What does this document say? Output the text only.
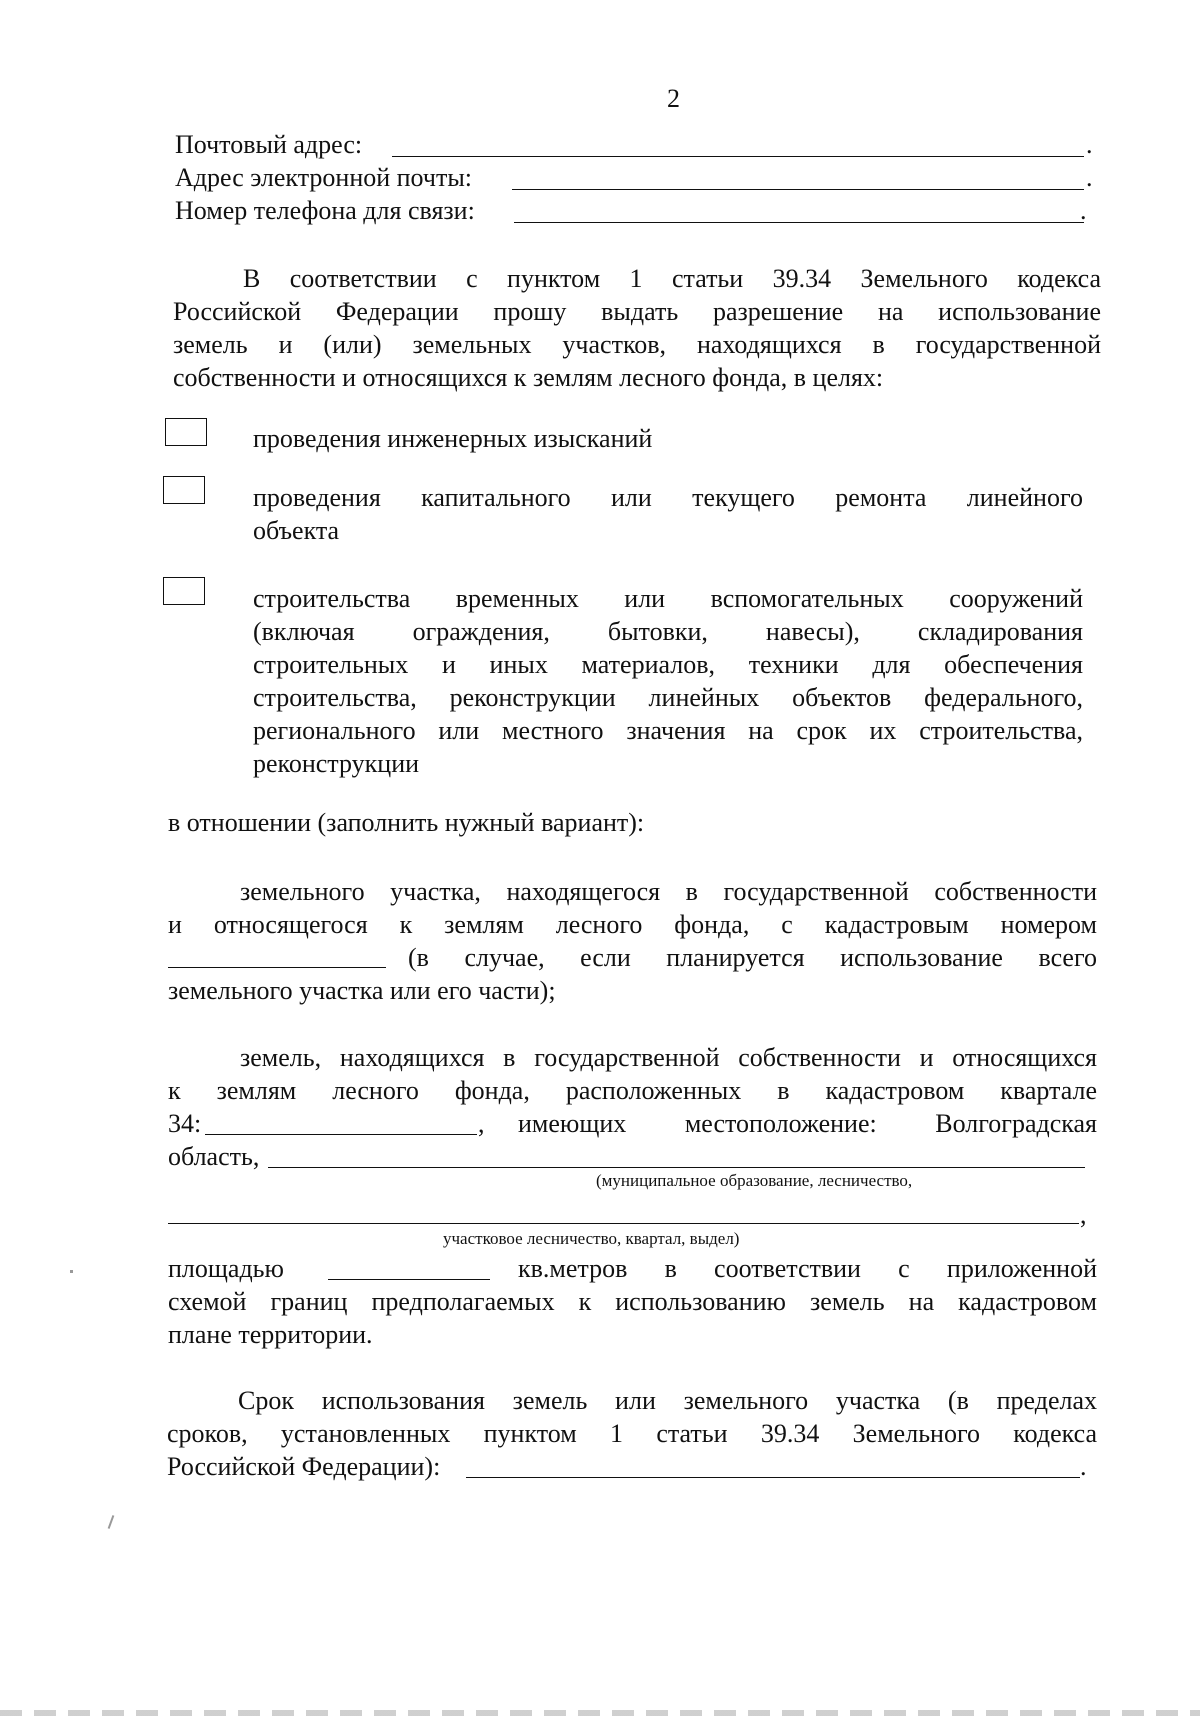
2
Почтовый адрес:	.
Адрес электронной почты:	.
Номер телефона для связи:	.
В соответствии с пунктом 1 статьи 39.34 Земельного кодекса
Российской Федерации прошу выдать разрешение на использование
земель и (или) земельных участков, находящихся в государственной
собственности и относящихся к землям лесного фонда, в целях:
проведения инженерных изысканий
проведения капитального или текущего ремонта линейного
объекта
строительства временных или вспомогательных сооружений
(включая ограждения, бытовки, навесы), складирования
строительных и иных материалов, техники для обеспечения
строительства, реконструкции линейных объектов федерального,
регионального или местного значения на срок их строительства,
реконструкции
в отношении (заполнить нужный вариант):
земельного участка, находящегося в государственной собственности
и относящегося к землям лесного фонда, с кадастровым номером
(в случае, если планируется использование всего
земельного участка или его части);
земель, находящихся в государственной собственности и относящихся
к землям лесного фонда, расположенных в кадастровом квартале
34:	, имеющих местоположение: Волгоградская
область,
(муниципальное образование, лесничество,
,
участковое лесничество, квартал, выдел)
площадью	кв.метров в соответствии с приложенной
схемой границ предполагаемых к использованию земель на кадастровом
плане территории.
Срок использования земель или земельного участка (в пределах
сроков, установленных пунктом 1 статьи 39.34 Земельного кодекса
Российской Федерации):	.
